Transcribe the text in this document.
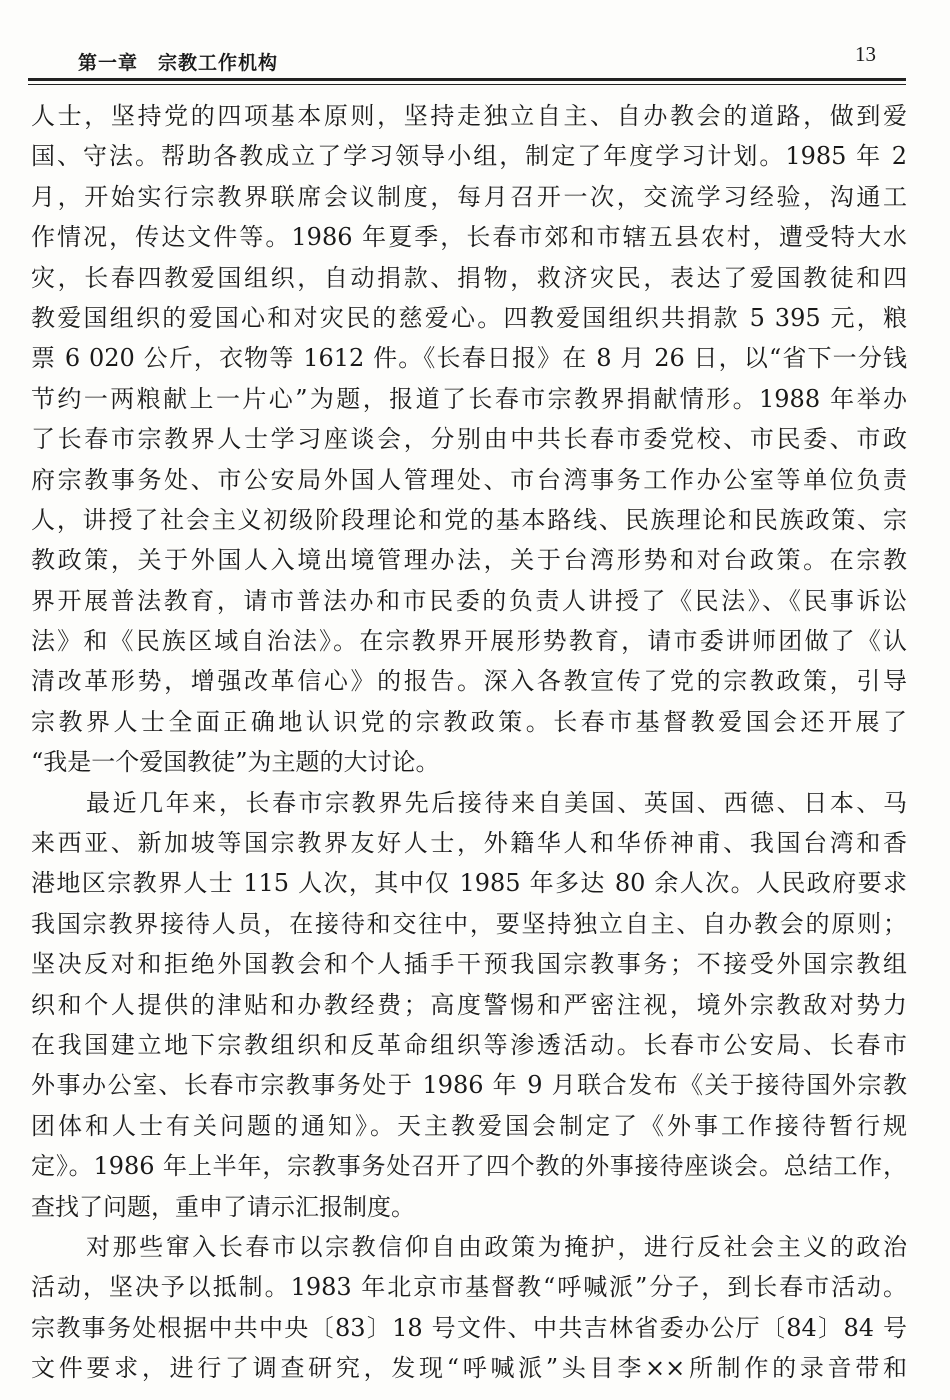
第一章　宗教工作机构	13
人士，坚持党的四项基本原则，坚持走独立自主、自办教会的道路，做到爱
国、守法。帮助各教成立了学习领导小组，制定了年度学习计划。1985 年 2
月，开始实行宗教界联席会议制度，每月召开一次，交流学习经验，沟通工
作情况，传达文件等。1986 年夏季，长春市郊和市辖五县农村，遭受特大水
灾，长春四教爱国组织，自动捐款、捐物，救济灾民，表达了爱国教徒和四
教爱国组织的爱国心和对灾民的慈爱心。四教爱国组织共捐款 5 395 元，粮
票 6 020 公斤，衣物等 1612 件。《长春日报》在 8 月 26 日，以“省下一分钱
节约一两粮献上一片心”为题，报道了长春市宗教界捐献情形。1988 年举办
了长春市宗教界人士学习座谈会，分别由中共长春市委党校、市民委、市政
府宗教事务处、市公安局外国人管理处、市台湾事务工作办公室等单位负责
人，讲授了社会主义初级阶段理论和党的基本路线、民族理论和民族政策、宗
教政策，关于外国人入境出境管理办法，关于台湾形势和对台政策。在宗教
界开展普法教育，请市普法办和市民委的负责人讲授了《民法》、《民事诉讼
法》和《民族区域自治法》。在宗教界开展形势教育，请市委讲师团做了《认
清改革形势，增强改革信心》的报告。深入各教宣传了党的宗教政策，引导
宗教界人士全面正确地认识党的宗教政策。长春市基督教爱国会还开展了
“我是一个爱国教徒”为主题的大讨论。
最近几年来，长春市宗教界先后接待来自美国、英国、西德、日本、马
来西亚、新加坡等国宗教界友好人士，外籍华人和华侨神甫、我国台湾和香
港地区宗教界人士 115 人次，其中仅 1985 年多达 80 余人次。人民政府要求
我国宗教界接待人员，在接待和交往中，要坚持独立自主、自办教会的原则；
坚决反对和拒绝外国教会和个人插手干预我国宗教事务；不接受外国宗教组
织和个人提供的津贴和办教经费；高度警惕和严密注视，境外宗教敌对势力
在我国建立地下宗教组织和反革命组织等渗透活动。长春市公安局、长春市
外事办公室、长春市宗教事务处于 1986 年 9 月联合发布《关于接待国外宗教
团体和人士有关问题的通知》。天主教爱国会制定了《外事工作接待暂行规
定》。1986 年上半年，宗教事务处召开了四个教的外事接待座谈会。总结工作，
查找了问题，重申了请示汇报制度。
对那些窜入长春市以宗教信仰自由政策为掩护，进行反社会主义的政治
活动，坚决予以抵制。1983 年北京市基督教“呼喊派”分子，到长春市活动。
宗教事务处根据中共中央〔83〕18 号文件、中共吉林省委办公厅〔84〕84 号
文件要求，进行了调查研究，发现“呼喊派”头目李××所制作的录音带和
